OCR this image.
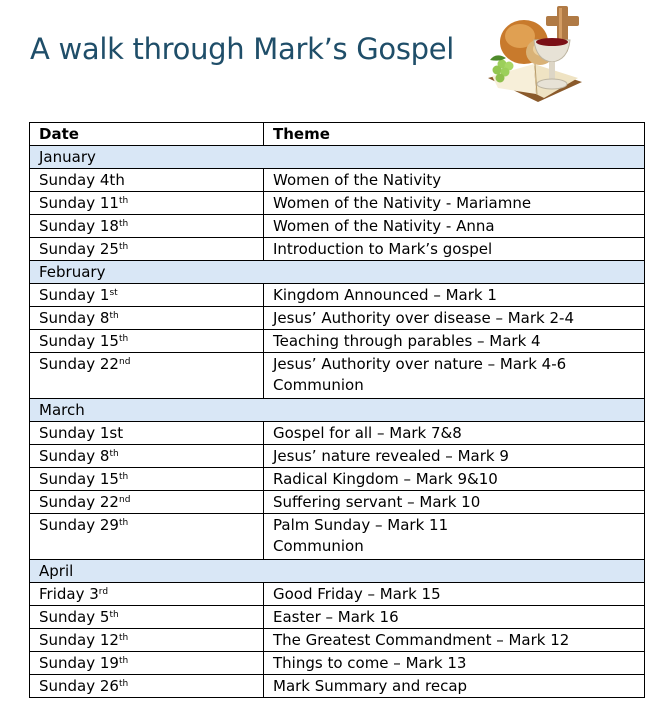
A walk through Mark’s Gospel
Date	Theme
January	
Sunday 4th	Women of the Nativity

Sunday 11th	Women of the Nativity - Mariamne

Sunday 18th	Women of the Nativity - Anna

Sunday 25th	Introduction to Mark’s gospel

February	
Sunday 1st	Kingdom Announced – Mark 1

Sunday 8th	Jesus’ Authority over disease – Mark 2-4

Sunday 15th	Teaching through parables – Mark 4

Sunday 22nd	Jesus’ Authority over nature – Mark 4-6
Communion

March	
Sunday 1st	Gospel for all – Mark 7&8

Sunday 8th	Jesus’ nature revealed – Mark 9

Sunday 15th	Radical Kingdom – Mark 9&10

Sunday 22nd	Suffering servant – Mark 10

Sunday 29th	Palm Sunday – Mark 11
Communion

April	
Friday 3rd	Good Friday – Mark 15

Sunday 5th	Easter – Mark 16

Sunday 12th	The Greatest Commandment – Mark 12

Sunday 19th	Things to come – Mark 13

Sunday 26th	Mark Summary and recap
